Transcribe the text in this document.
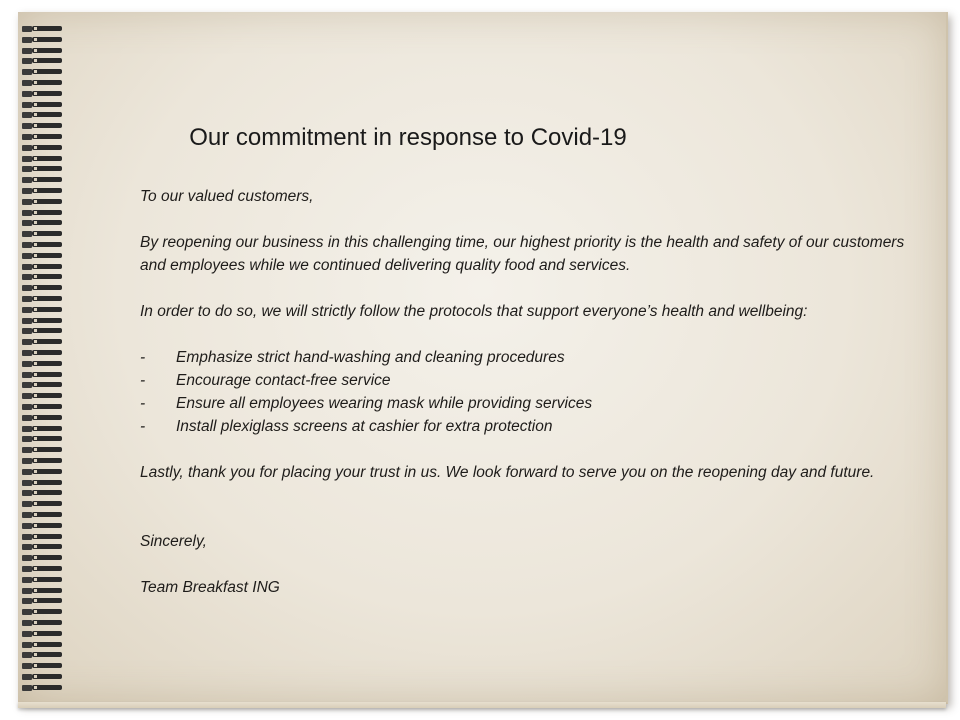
Our commitment in response to Covid-19

To our valued customers,

By reopening our business in this challenging time, our highest priority is the health and safety of our customers and employees while we continued delivering quality food and services.

In order to do so, we will strictly follow the protocols that support everyone’s health and wellbeing:

- Emphasize strict hand-washing and cleaning procedures
- Encourage contact-free service
- Ensure all employees wearing mask while providing services
- Install plexiglass screens at cashier for extra protection

Lastly, thank you for placing your trust in us. We look forward to serve you on the reopening day and future.

Sincerely,

Team Breakfast ING
